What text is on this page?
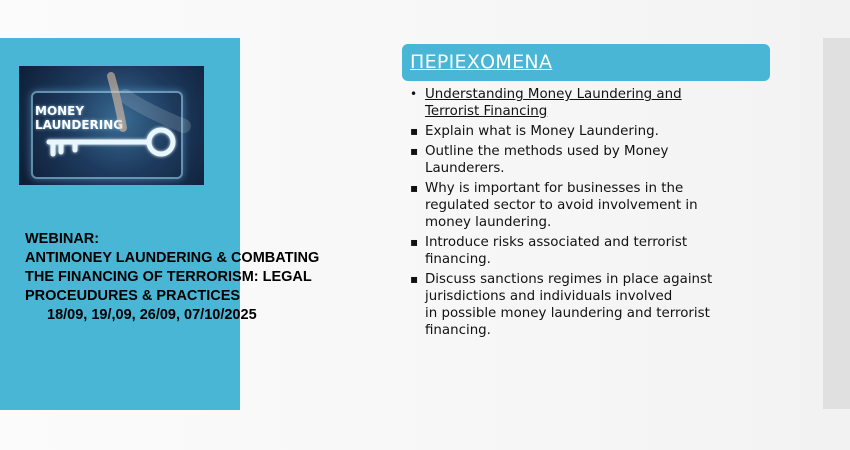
MONEY
LAUNDERING
WEBINAR:
ANTIMONEY LAUNDERING & COMBATING
THE FINANCING OF TERRORISM: LEGAL
PROCEUDURES & PRACTICES
18/09, 19/,09, 26/09, 07/10/2025
ΠΕΡΙΕΧΟΜΕΝΑ
• Understanding Money Laundering and
Terrorist Financing
▪ Explain what is Money Laundering.
▪ Outline the methods used by Money
Launderers.
▪ Why is important for businesses in the
regulated sector to avoid involvement in
money laundering.
▪ Introduce risks associated and terrorist
financing.
▪ Discuss sanctions regimes in place against
jurisdictions and individuals involved
in possible money laundering and terrorist
financing.
